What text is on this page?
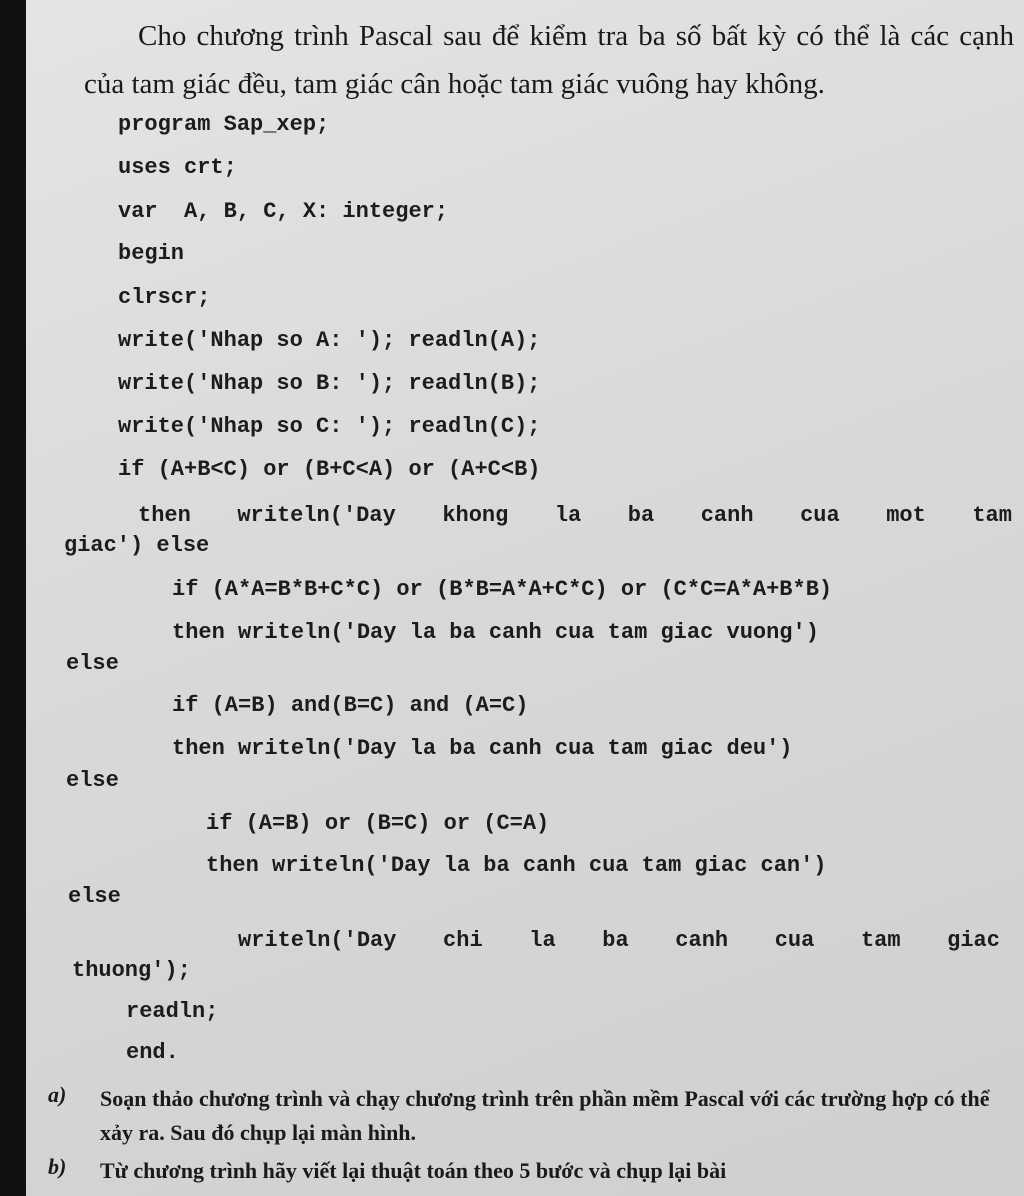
Cho chương trình Pascal sau để kiểm tra ba số bất kỳ có thể là các cạnh của tam giác đều, tam giác cân hoặc tam giác vuông hay không.
program Sap_xep;
uses crt;
var  A, B, C, X: integer;
begin
clrscr;
write('Nhap so A: '); readln(A);
write('Nhap so B: '); readln(B);
write('Nhap so C: '); readln(C);
if (A+B<C) or (B+C<A) or (A+C<B)
then writeln('Day khong la ba canh cua mot tam
giac') else
if (A*A=B*B+C*C) or (B*B=A*A+C*C) or (C*C=A*A+B*B)
then writeln('Day la ba canh cua tam giac vuong')
else
if (A=B) and(B=C) and (A=C)
then writeln('Day la ba canh cua tam giac deu')
else
if (A=B) or (B=C) or (C=A)
then writeln('Day la ba canh cua tam giac can')
else
writeln('Day chi la ba canh cua tam giac
thuong');
readln;
end.
a) Soạn thảo chương trình và chạy chương trình trên phần mềm Pascal với các trường hợp có thể xảy ra. Sau đó chụp lại màn hình.
b) Từ chương trình hãy viết lại thuật toán theo 5 bước và chụp lại bài
